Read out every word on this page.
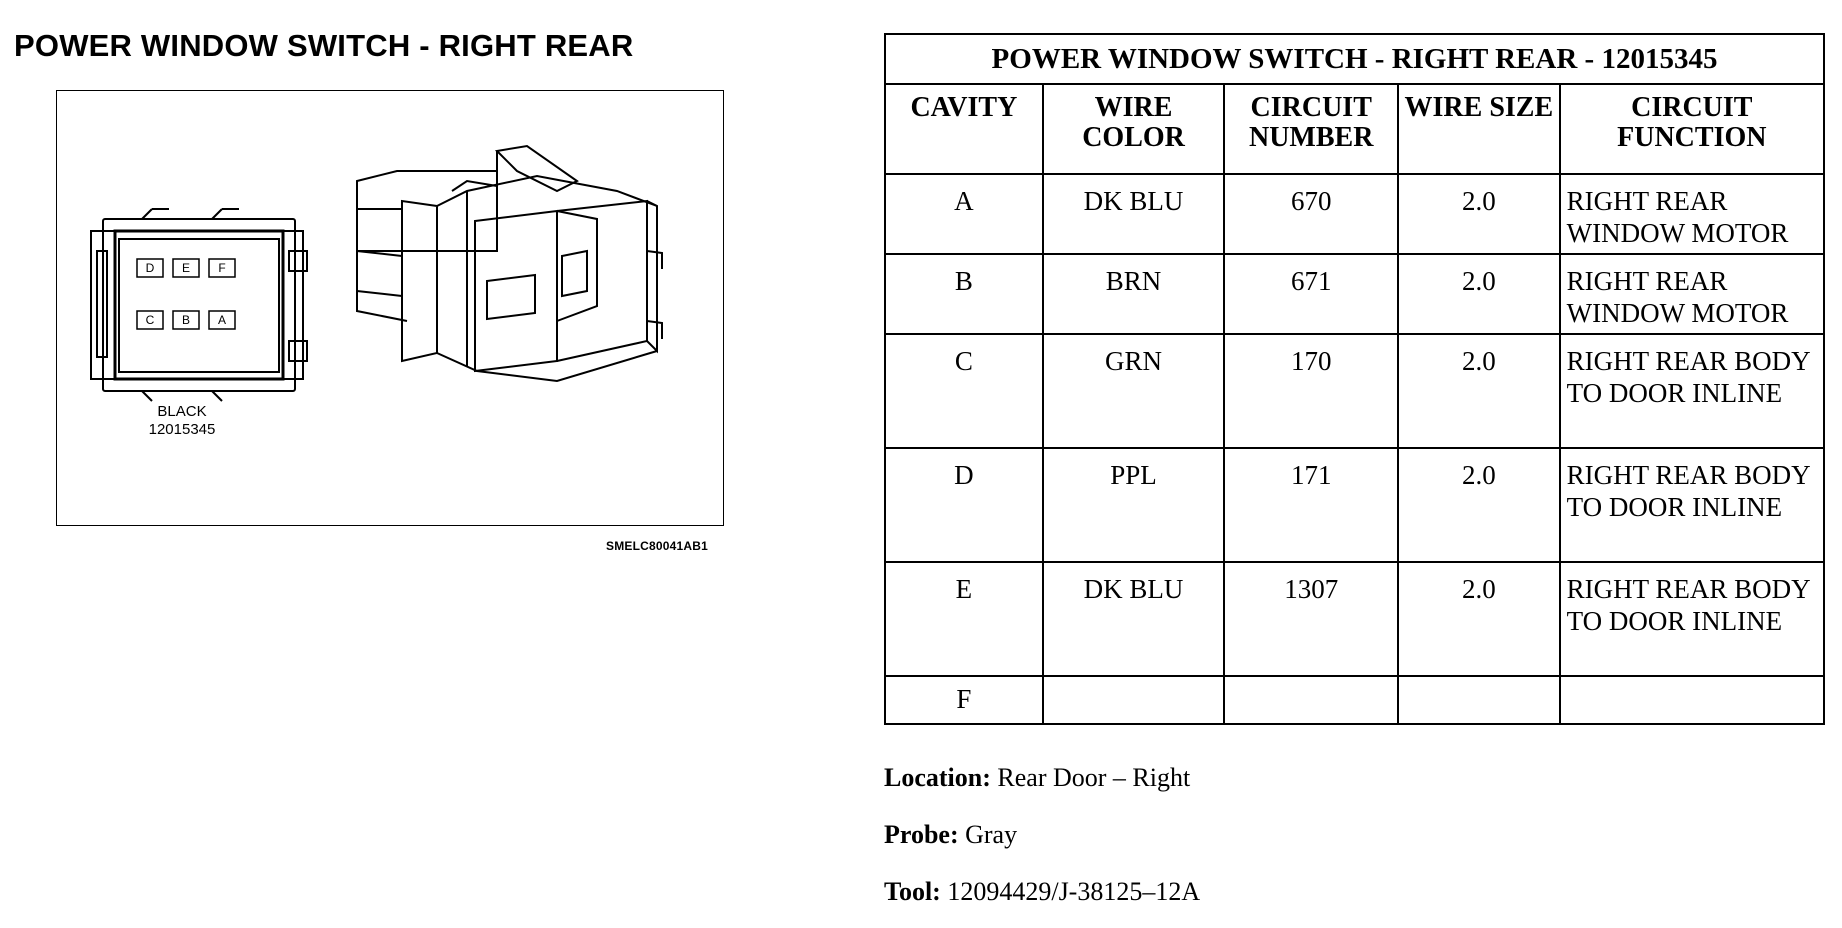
POWER WINDOW SWITCH - RIGHT REAR
D E F
C B A
BLACK
12015345
SMELC80041AB1
POWER WINDOW SWITCH - RIGHT REAR - 12015345				
CAVITY	WIRE COLOR	CIRCUIT NUMBER	WIRE SIZE	CIRCUIT FUNCTION
A	DK BLU	670	2.0	RIGHT REAR WINDOW MOTOR
B	BRN	671	2.0	RIGHT REAR WINDOW MOTOR
C	GRN	170	2.0	RIGHT REAR BODY TO DOOR INLINE
D	PPL	171	2.0	RIGHT REAR BODY TO DOOR INLINE
E	DK BLU	1307	2.0	RIGHT REAR BODY TO DOOR INLINE
F				
Location: Rear Door – Right
Probe: Gray
Tool: 12094429/J-38125–12A
